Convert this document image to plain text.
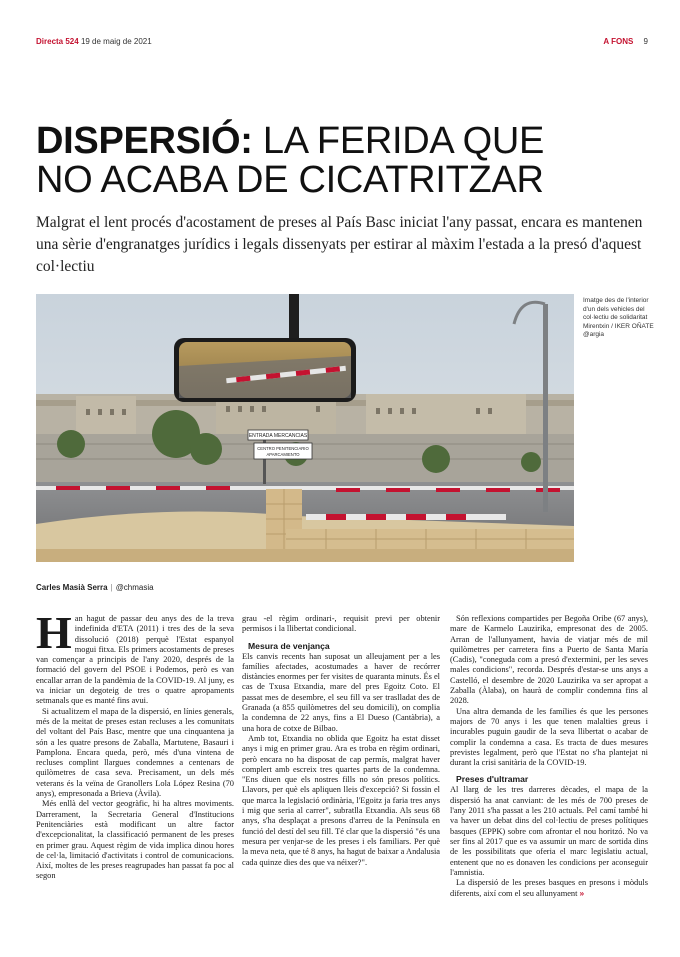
Directa 524 19 de maig de 2021	A FONS 9
DISPERSIÓ: LA FERIDA QUE
NO ACABA DE CICATRITZAR

Malgrat el lent procés d'acostament de preses al País Basc iniciat l'any passat, encara es mantenen una sèrie d'engranatges jurídics i legals dissenyats per estirar al màxim l'estada a la presó d'aquest col·lectiu

ENTRADA MERCANCIAS
CENTRO PENITENCIARIO
APARCAMIENTO

Imatge des de l'interior d'un dels vehicles del col·lectiu de solidaritat Mirentxin / IKER OÑATE @argia

Carles Masià Serra | @chmasia

Han hagut de passar deu anys des de la treva indefinida d'ETA (2011) i tres des de la seva dissolució (2018) perquè l'Estat espanyol mogui fitxa. Els primers acostaments de preses van començar a principis de l'any 2020, després de la formació del govern del PSOE i Podemos, però es van encallar arran de la pandèmia de la COVID-19. Al juny, es va iniciar un degoteig de tres o quatre apropaments setmanals que es manté fins avui.

Si actualitzem el mapa de la dispersió, en línies generals, més de la meitat de preses estan recluses a les comunitats del voltant del País Basc, mentre que una cinquantena ja són a les quatre presons de Zaballa, Martutene, Basauri i Pamplona. Encara queda, però, més d'una vintena de recluses complint llargues condemnes a centenars de quilòmetres de casa seva. Precisament, un dels més veterans és la veïna de Granollers Lola López Resina (70 anys), empresonada a Brieva (Àvila).

Més enllà del vector geogràfic, hi ha altres moviments. Darrerament, la Secretaria General d'Institucions Penitenciàries està modificant un altre factor d'excepcionalitat, la classificació permanent de les preses en primer grau. Aquest règim de vida implica dinou hores de cel·la, limitació d'activitats i control de comunicacions. Així, moltes de les preses reagrupades han passat fa poc al segon

grau -el règim ordinari-, requisit previ per obtenir permisos i la llibertat condicional.

Mesura de venjança

Els canvis recents han suposat un alleujament per a les famílies afectades, acostumades a haver de recórrer distàncies enormes per fer visites de quaranta minuts. És el cas de Txusa Etxandia, mare del pres Egoitz Coto. El passat mes de desembre, el seu fill va ser traslladat des de Granada (a 855 quilòmetres del seu domicili), on complia la condemna de 22 anys, fins a El Dueso (Cantàbria), a una hora de cotxe de Bilbao.

Amb tot, Etxandia no oblida que Egoitz ha estat disset anys i mig en primer grau. Ara es troba en règim ordinari, però encara no ha disposat de cap permís, malgrat haver complert amb escreix tres quartes parts de la condemna. "Ens diuen que els nostres fills no són presos polítics. Llavors, per què els apliquen lleis d'excepció? Si fossin el que marca la legislació ordinària, l'Egoitz ja faria tres anys i mig que seria al carrer", subratlla Etxandia. Als seus 68 anys, s'ha desplaçat a presons d'arreu de la Península en funció del destí del seu fill. Té clar que la dispersió "és una mesura per venjar-se de les preses i els familiars. Per què la meva neta, que té 8 anys, ha hagut de baixar a Andalusia cada quinze dies des que va néixer?".

Són reflexions compartides per Begoña Oribe (67 anys), mare de Karmelo Lauzirika, empresonat des de 2005. Arran de l'allunyament, havia de viatjar més de mil quilòmetres per carretera fins a Puerto de Santa María (Cadis), "conegudа com a presó d'extermini, per les seves males condicions", recorda. Després d'estar-se uns anys a Castelló, el desembre de 2020 Lauzirika va ser apropat a Zaballa (Àlaba), on haurà de complir condemna fins al 2028.

Una altra demanda de les famílies és que les persones majors de 70 anys i les que tenen malalties greus i incurables puguin gaudir de la seva llibertat o acabar de complir la condemna a casa. Es tracta de dues mesures previstes legalment, però que l'Estat no s'ha plantejat ni durant la crisi sanitària de la COVID-19.

Preses d'ultramar

Al llarg de les tres darreres dècades, el mapa de la dispersió ha anat canviant: de les més de 700 preses de l'any 2011 s'ha passat a les 210 actuals. Pel camí també hi va haver un debat dins del col·lectiu de preses polítiques basques (EPPK) sobre com afrontar el nou horitzó. No va ser fins al 2017 que es va assumir un marc de sortida dins de les possibilitats que oferia el marc legislatiu actual, entenent que no es donaven les condicions per aconseguir l'amnistia.

La dispersió de les preses basques en presons i mòduls diferents, així com el seu allunyament »
